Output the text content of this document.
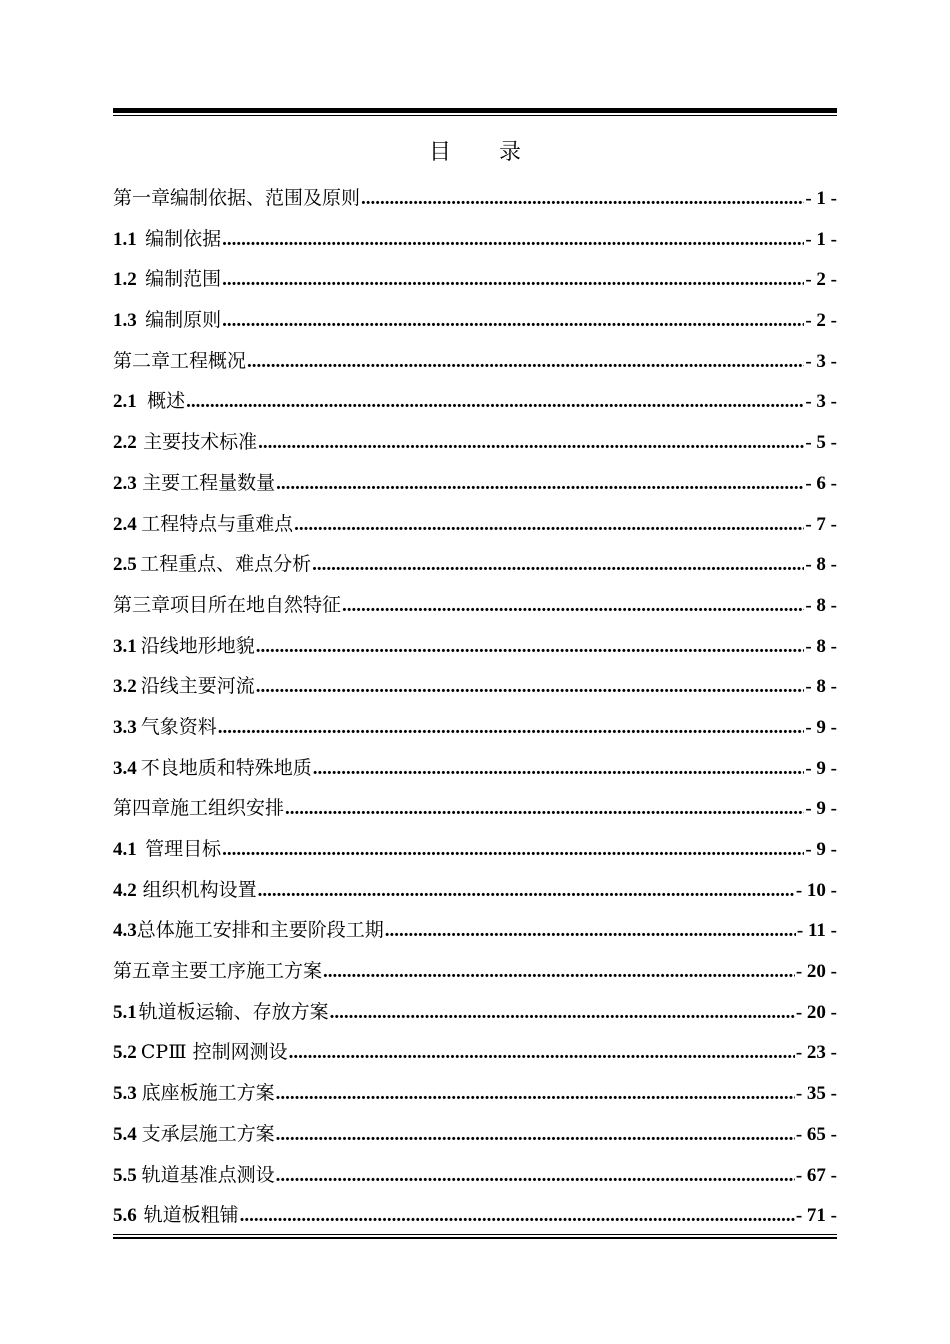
目 录
第一章 编制依据、范围及原则 .....	- 1 -
1.1 编制依据 .....	- 1 -
1.2 编制范围 .....	- 2 -
1.3 编制原则 .....	- 2 -
第二章 工程概况 .....	- 3 -
2.1 概述 .....	- 3 -
2.2 主要技术标准 .....	- 5 -
2.3 主要工程量数量 .....	- 6 -
2.4 工程特点与重难点 .....	- 7 -
2.5 工程重点、难点分析 .....	- 8 -
第三章 项目所在地自然特征 .....	- 8 -
3.1 沿线地形地貌 .....	- 8 -
3.2 沿线主要河流 .....	- 8 -
3.3 气象资料 .....	- 9 -
3.4 不良地质和特殊地质 .....	- 9 -
第四章 施工组织安排 .....	- 9 -
4.1 管理目标 .....	- 9 -
4.2 组织机构设置 .....	- 10 -
4.3 总体施工安排和主要阶段工期 .....	- 11 -
第五章 主要工序施工方案 .....	- 20 -
5.1 轨道板运输、存放方案 .....	- 20 -
5.2 CPⅢ 控制网测设 .....	- 23 -
5.3 底座板施工方案 .....	- 35 -
5.4 支承层施工方案 .....	- 65 -
5.5 轨道基准点测设 .....	- 67 -
5.6 轨道板粗铺 .....	- 71 -
